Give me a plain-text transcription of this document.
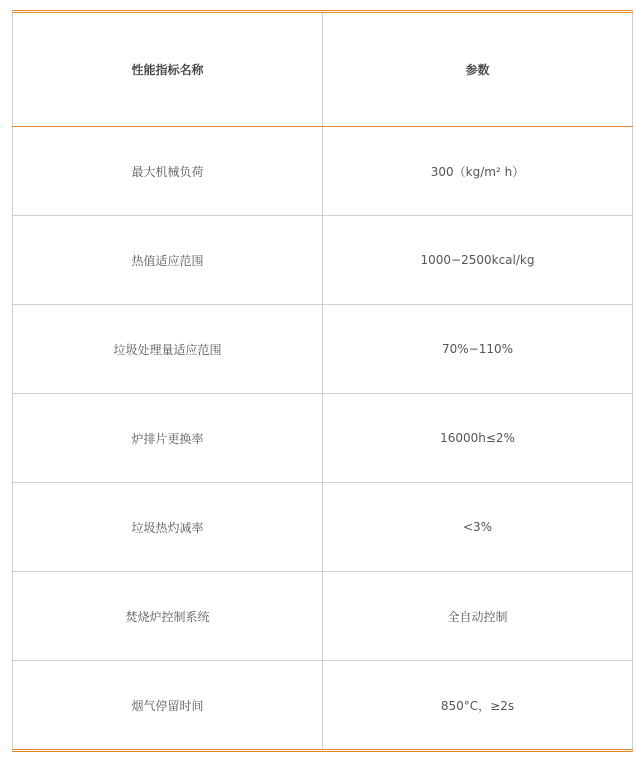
性能指标名称	参数
最大机械负荷	300（kg/m² h）
热值适应范围	1000−2500kcal/kg
垃圾处理量适应范围	70%−110%
炉排片更换率	16000h≤2%
垃圾热灼减率	<3%
焚烧炉控制系统	全自动控制
烟气停留时间	850°C，≥2s
